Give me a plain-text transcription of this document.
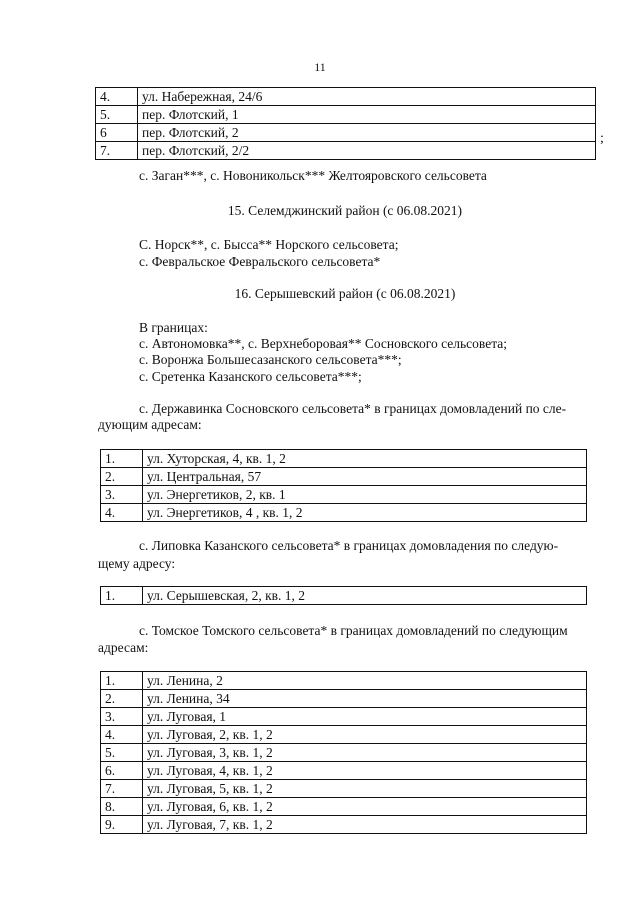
11
4.	ул. Набережная, 24/6
5.	пер. Флотский, 1
6	пер. Флотский, 2
7.	пер. Флотский, 2/2
;
с. Заган***, с. Новоникольск*** Желтояровского сельсовета
15. Селемджинский район (с 06.08.2021)
С. Норск**, с. Бысса** Норского сельсовета;
с. Февральское Февральского сельсовета*
16. Серышевский район (с 06.08.2021)
В границах:
с. Автономовка**, с. Верхнеборовая** Сосновского сельсовета;
с. Воронжа Большесазанского сельсовета***;
с. Сретенка Казанского сельсовета***;
с. Державинка Сосновского сельсовета* в границах домовладений по сле-
дующим адресам:
1.	ул. Хуторская, 4, кв. 1, 2
2.	ул. Центральная, 57
3.	ул. Энергетиков, 2, кв. 1
4.	ул. Энергетиков, 4 , кв. 1, 2
с. Липовка Казанского сельсовета* в границах домовладения по следую-
щему адресу:
1.	ул. Серышевская, 2, кв. 1, 2
с. Томское Томского сельсовета* в границах домовладений по следующим
адресам:
1.	ул. Ленина, 2
2.	ул. Ленина, 34
3.	ул. Луговая, 1
4.	ул. Луговая, 2, кв. 1, 2
5.	ул. Луговая, 3, кв. 1, 2
6.	ул. Луговая, 4, кв. 1, 2
7.	ул. Луговая, 5, кв. 1, 2
8.	ул. Луговая, 6, кв. 1, 2
9.	ул. Луговая, 7, кв. 1, 2
